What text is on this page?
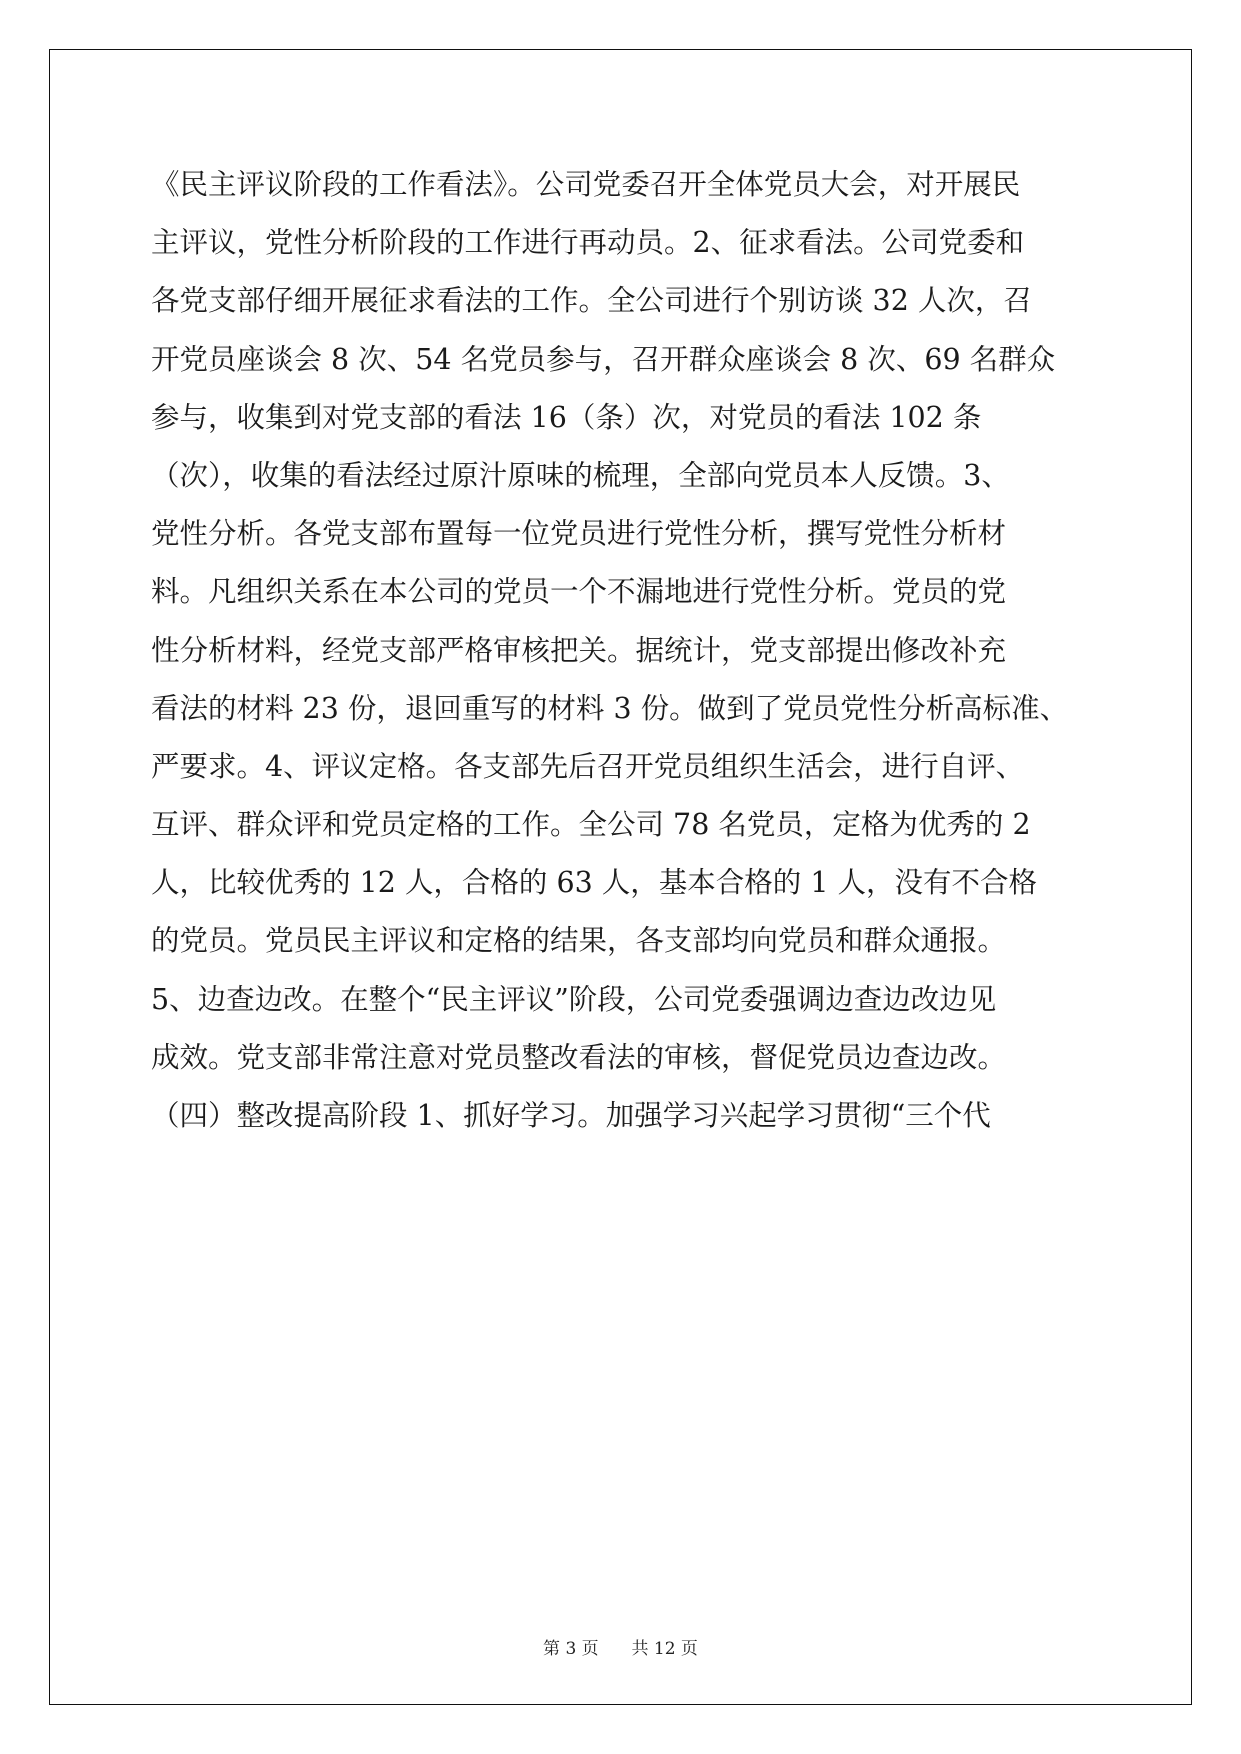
《民主评议阶段的工作看法》。公司党委召开全体党员大会，对开展民
主评议，党性分析阶段的工作进行再动员。2、征求看法。公司党委和
各党支部仔细开展征求看法的工作。全公司进行个别访谈 32 人次，召
开党员座谈会 8 次、54 名党员参与，召开群众座谈会 8 次、69 名群众
参与，收集到对党支部的看法 16（条）次，对党员的看法 102 条
（次），收集的看法经过原汁原味的梳理，全部向党员本人反馈。3、
党性分析。各党支部布置每一位党员进行党性分析，撰写党性分析材
料。凡组织关系在本公司的党员一个不漏地进行党性分析。党员的党
性分析材料，经党支部严格审核把关。据统计，党支部提出修改补充
看法的材料 23 份，退回重写的材料 3 份。做到了党员党性分析高标准、
严要求。4、评议定格。各支部先后召开党员组织生活会，进行自评、
互评、群众评和党员定格的工作。全公司 78 名党员，定格为优秀的 2
人，比较优秀的 12 人，合格的 63 人，基本合格的 1 人，没有不合格
的党员。党员民主评议和定格的结果，各支部均向党员和群众通报。
5、边查边改。在整个“民主评议”阶段，公司党委强调边查边改边见
成效。党支部非常注意对党员整改看法的审核，督促党员边查边改。
（四）整改提高阶段 1、抓好学习。加强学习兴起学习贯彻“三个代
第 3 页 共 12 页
